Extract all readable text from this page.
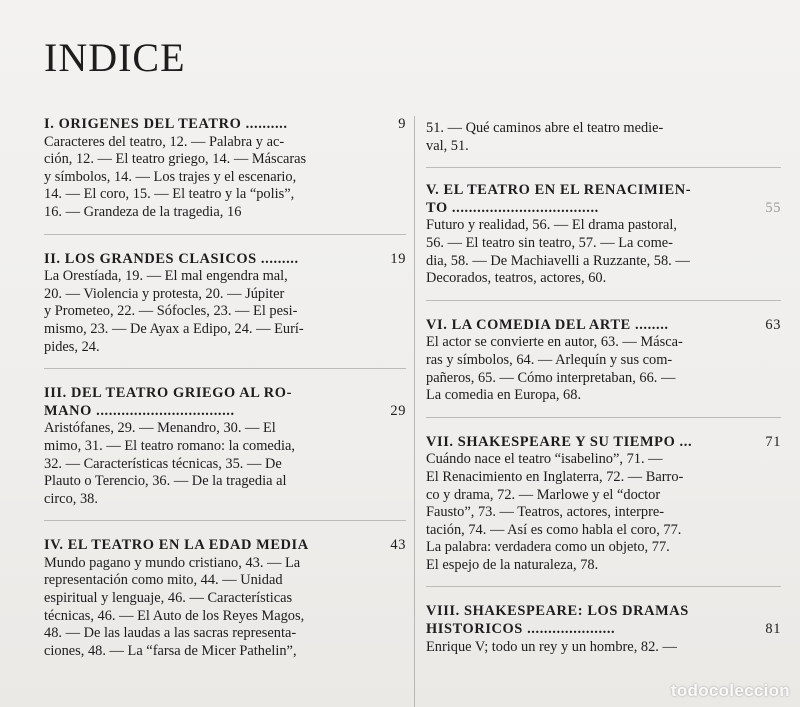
INDICE
I. ORIGENES DEL TEATRO ..........	9
Caracteres del teatro, 12. — Palabra y ac-
ción, 12. — El teatro griego, 14. — Máscaras
y símbolos, 14. — Los trajes y el escenario,
14. — El coro, 15. — El teatro y la “polis”,
16. — Grandeza de la tragedia, 16
II. LOS GRANDES CLASICOS .........	19
La Orestíada, 19. — El mal engendra mal,
20. — Violencia y protesta, 20. — Júpiter
y Prometeo, 22. — Sófocles, 23. — El pesi-
mismo, 23. — De Ayax a Edipo, 24. — Eurí-
pides, 24.
III. DEL TEATRO GRIEGO AL RO-
MANO .................................	29
Aristófanes, 29. — Menandro, 30. — El
mimo, 31. — El teatro romano: la comedia,
32. — Características técnicas, 35. — De
Plauto o Terencio, 36. — De la tragedia al
circo, 38.
IV. EL TEATRO EN LA EDAD MEDIA	43
Mundo pagano y mundo cristiano, 43. — La
representación como mito, 44. — Unidad
espiritual y lenguaje, 46. — Características
técnicas, 46. — El Auto de los Reyes Magos,
48. — De las laudas a las sacras representa-
ciones, 48. — La “farsa de Micer Pathelin”,
51. — Qué caminos abre el teatro medie-
val, 51.
V. EL TEATRO EN EL RENACIMIEN-
TO ...................................	55
Futuro y realidad, 56. — El drama pastoral,
56. — El teatro sin teatro, 57. — La come-
dia, 58. — De Machiavelli a Ruzzante, 58. —
Decorados, teatros, actores, 60.
VI. LA COMEDIA DEL ARTE ........	63
El actor se convierte en autor, 63. — Másca-
ras y símbolos, 64. — Arlequín y sus com-
pañeros, 65. — Cómo interpretaban, 66. —
La comedia en Europa, 68.
VII. SHAKESPEARE Y SU TIEMPO ...	71
Cuándo nace el teatro “isabelino”, 71. —
El Renacimiento en Inglaterra, 72. — Barro-
co y drama, 72. — Marlowe y el “doctor
Fausto”, 73. — Teatros, actores, interpre-
tación, 74. — Así es como habla el coro, 77.
La palabra: verdadera como un objeto, 77.
El espejo de la naturaleza, 78.
VIII. SHAKESPEARE: LOS DRAMAS
HISTORICOS .....................	81
Enrique V; todo un rey y un hombre, 82. —
todocoleccion
